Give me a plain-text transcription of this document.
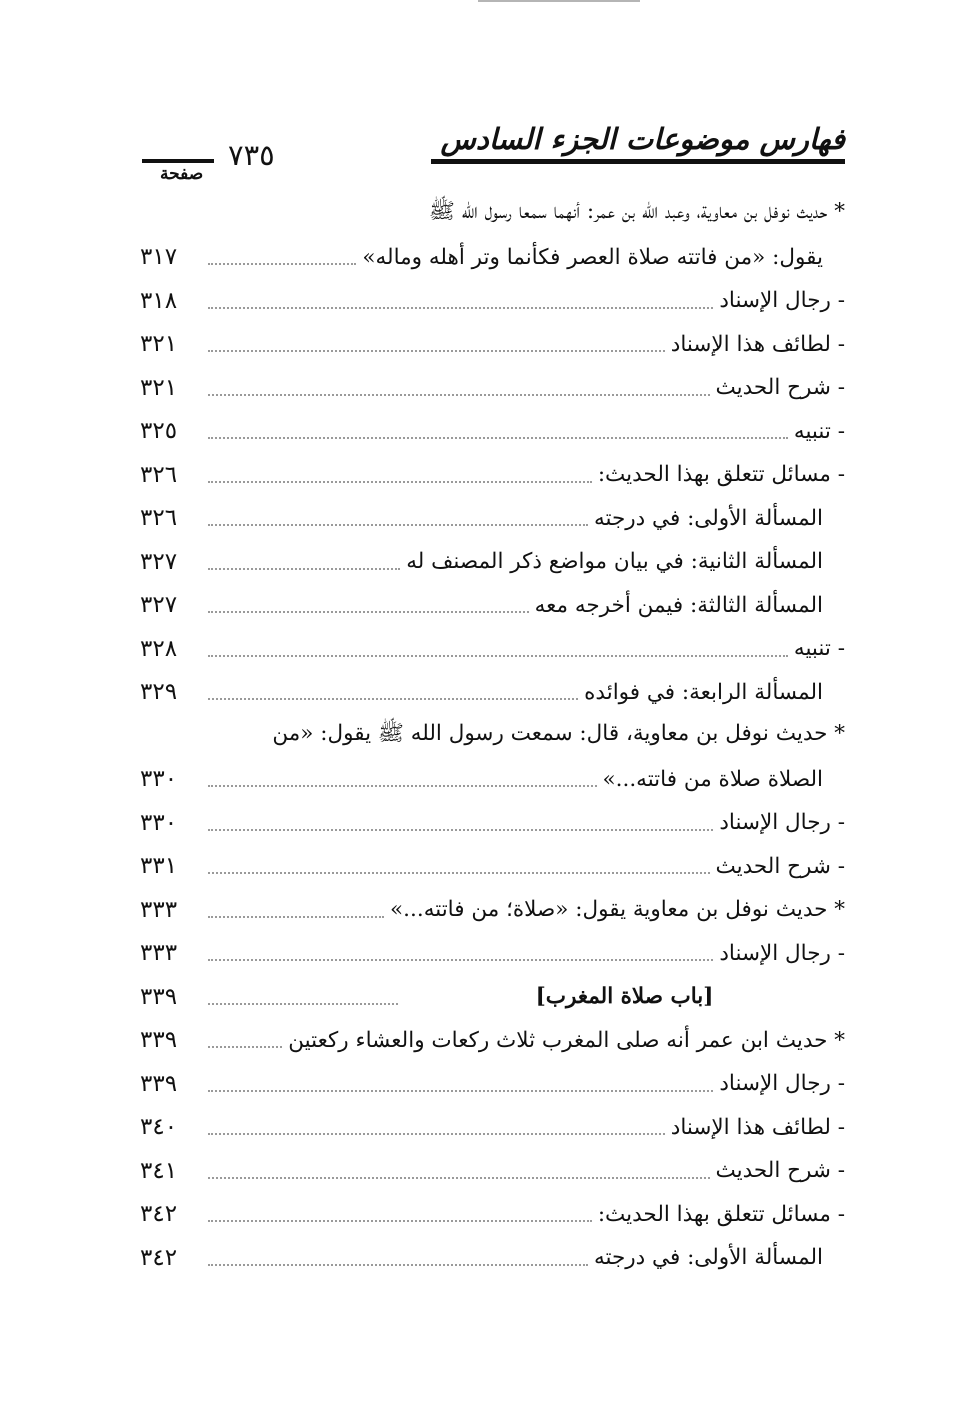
فهارس موضوعات الجزء السادس
٧٣٥
صفحة
* حديث نوفل بن معاوية، وعبد الله بن عمر: أنهما سمعا رسول الله ﷺ
يقول: «من فاتته صلاة العصر فكأنما وتر أهله وماله»
٣١٧
- رجال الإسناد
٣١٨
- لطائف هذا الإسناد
٣٢١
- شرح الحديث
٣٢١
- تنبيه
٣٢٥
- مسائل تتعلق بهذا الحديث:
٣٢٦
المسألة الأولى: في درجته
٣٢٦
المسألة الثانية: في بيان مواضع ذكر المصنف له
٣٢٧
المسألة الثالثة: فيمن أخرجه معه
٣٢٧
- تنبيه
٣٢٨
المسألة الرابعة: في فوائده
٣٢٩
* حديث نوفل بن معاوية، قال: سمعت رسول الله ﷺ يقول: «من
الصلاة صلاة من فاتته...»
٣٣٠
- رجال الإسناد
٣٣٠
- شرح الحديث
٣٣١
* حديث نوفل بن معاوية يقول: «صلاة؛ من فاتته...»
٣٣٣
- رجال الإسناد
٣٣٣
[باب صلاة المغرب]
٣٣٩
* حديث ابن عمر أنه صلى المغرب ثلاث ركعات والعشاء ركعتين
٣٣٩
- رجال الإسناد
٣٣٩
- لطائف هذا الإسناد
٣٤٠
- شرح الحديث
٣٤١
- مسائل تتعلق بهذا الحديث:
٣٤٢
المسألة الأولى: في درجته
٣٤٢
